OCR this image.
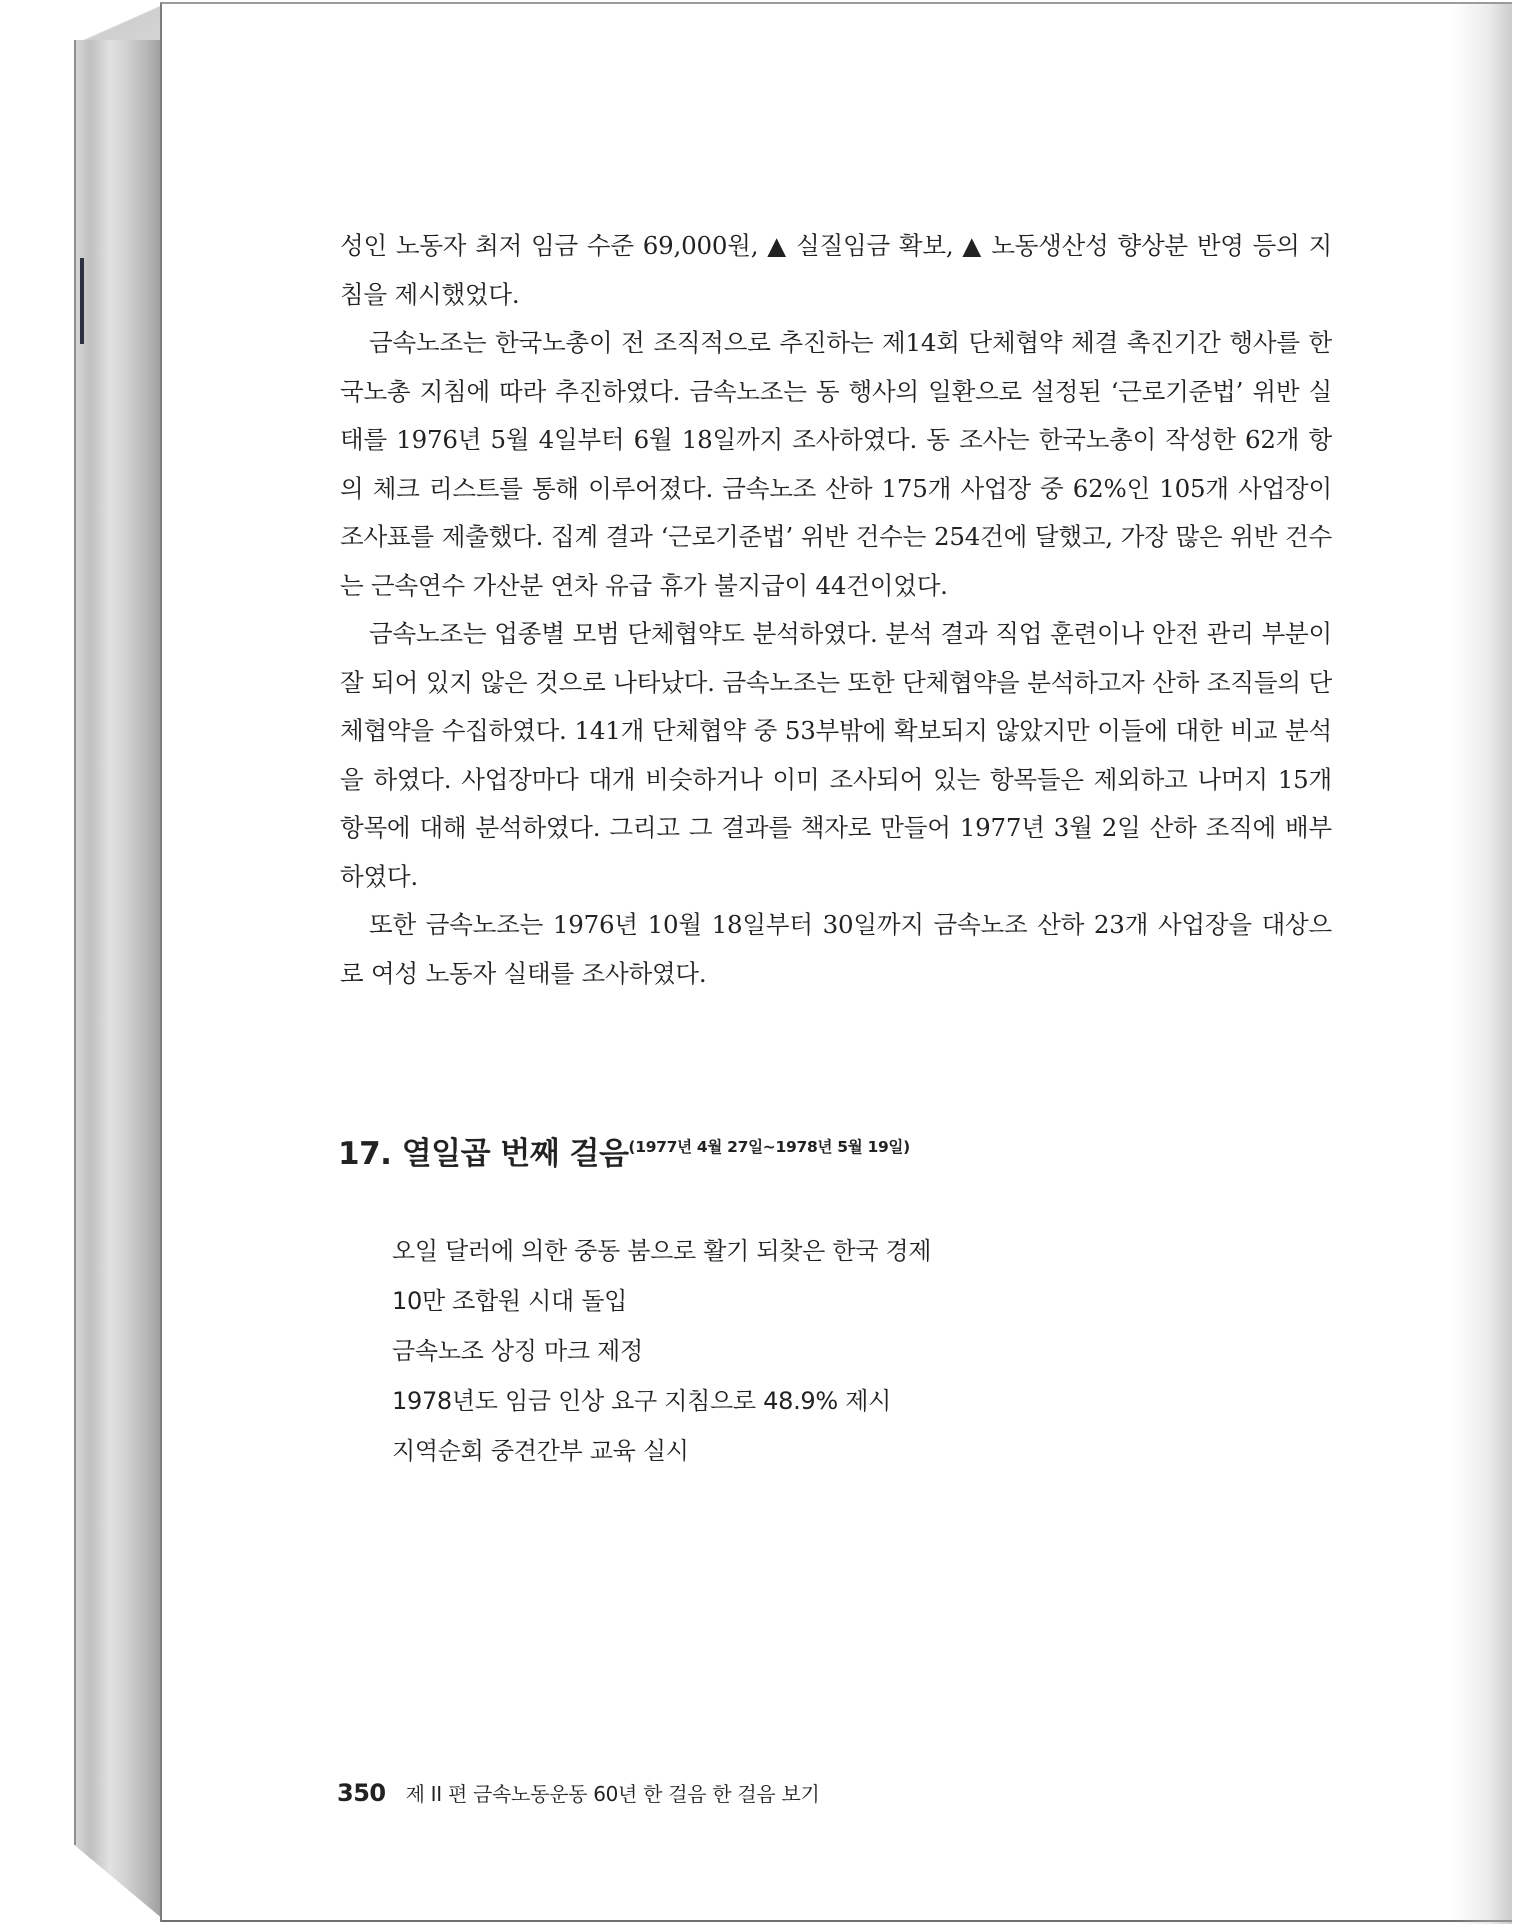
성인 노동자 최저 임금 수준 69,000원, ▲ 실질임금 확보, ▲ 노동생산성 향상분 반영 등의 지침을 제시했었다.

금속노조는 한국노총이 전 조직적으로 추진하는 제14회 단체협약 체결 촉진기간 행사를 한국노총 지침에 따라 추진하였다. 금속노조는 동 행사의 일환으로 설정된 ‘근로기준법’ 위반 실태를 1976년 5월 4일부터 6월 18일까지 조사하였다. 동 조사는 한국노총이 작성한 62개 항의 체크 리스트를 통해 이루어졌다. 금속노조 산하 175개 사업장 중 62%인 105개 사업장이 조사표를 제출했다. 집계 결과 ‘근로기준법’ 위반 건수는 254건에 달했고, 가장 많은 위반 건수는 근속연수 가산분 연차 유급 휴가 불지급이 44건이었다.

금속노조는 업종별 모범 단체협약도 분석하였다. 분석 결과 직업 훈련이나 안전 관리 부분이 잘 되어 있지 않은 것으로 나타났다. 금속노조는 또한 단체협약을 분석하고자 산하 조직들의 단체협약을 수집하였다. 141개 단체협약 중 53부밖에 확보되지 않았지만 이들에 대한 비교 분석을 하였다. 사업장마다 대개 비슷하거나 이미 조사되어 있는 항목들은 제외하고 나머지 15개 항목에 대해 분석하였다. 그리고 그 결과를 책자로 만들어 1977년 3월 2일 산하 조직에 배부하였다.

또한 금속노조는 1976년 10월 18일부터 30일까지 금속노조 산하 23개 사업장을 대상으로 여성 노동자 실태를 조사하였다.

17. 열일곱 번째 걸음(1977년 4월 27일~1978년 5월 19일)
오일 달러에 의한 중동 붐으로 활기 되찾은 한국 경제
10만 조합원 시대 돌입
금속노조 상징 마크 제정
1978년도 임금 인상 요구 지침으로 48.9% 제시
지역순회 중견간부 교육 실시
350 제 II 편 금속노동운동 60년 한 걸음 한 걸음 보기
